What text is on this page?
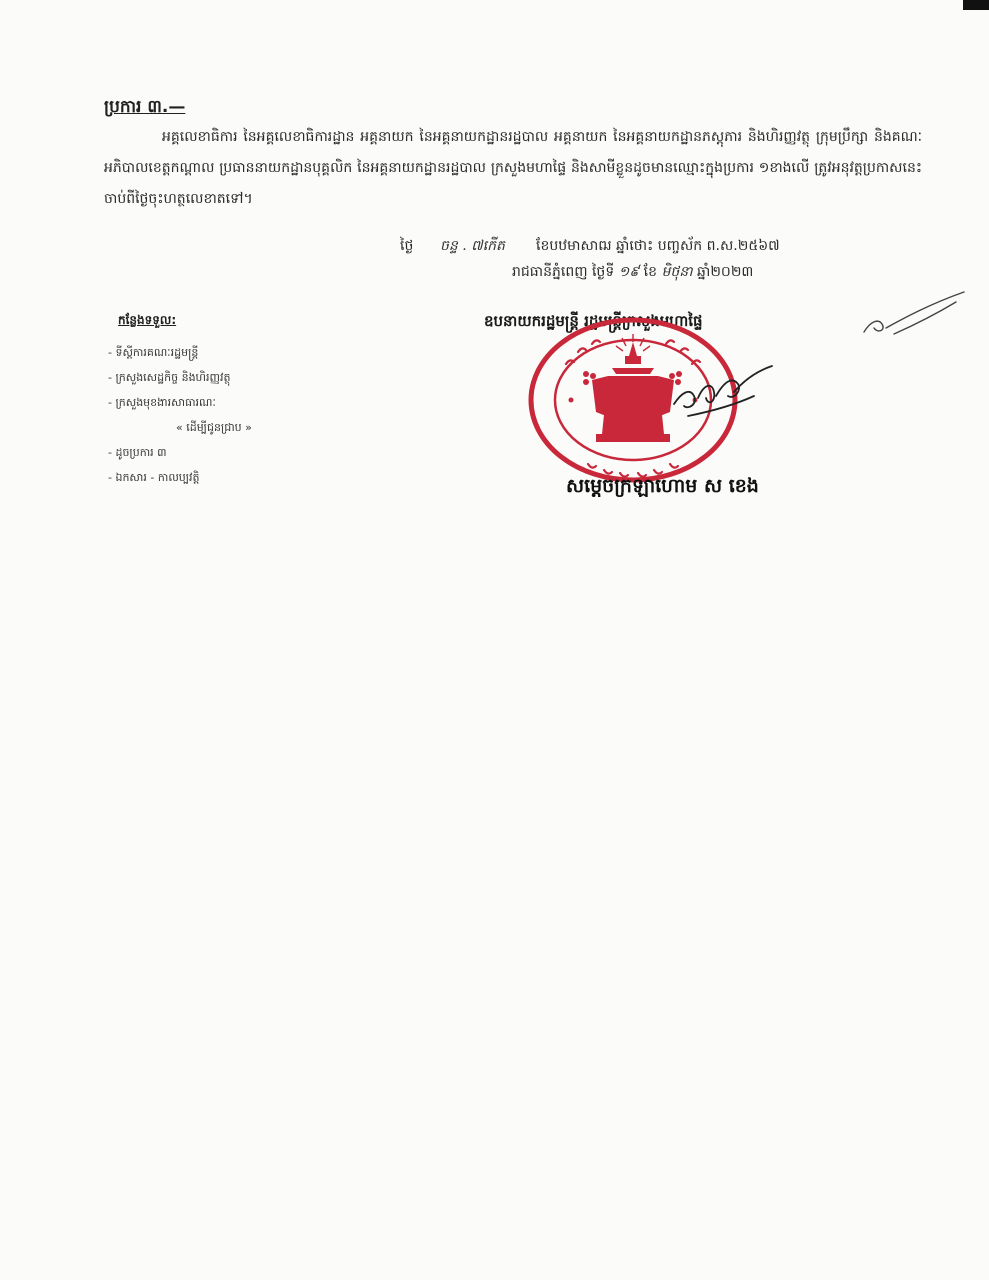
ប្រការ ៣.—
អគ្គលេខាធិការ នៃអគ្គលេខាធិការដ្ឋាន អគ្គនាយក នៃអគ្គនាយកដ្ឋានរដ្ឋបាល អគ្គនាយក នៃអគ្គនាយកដ្ឋានភស្តុភារ និងហិរញ្ញវត្ថុ ក្រុមប្រឹក្សា និងគណៈអភិបាលខេត្តកណ្ដាល ប្រធាននាយកដ្ឋានបុគ្គលិក នៃអគ្គនាយកដ្ឋានរដ្ឋបាល ក្រសួងមហាផ្ទៃ និងសាមីខ្លួនដូចមានឈ្មោះក្នុងប្រការ ១ខាងលើ ត្រូវអនុវត្តប្រកាសនេះចាប់ពីថ្ងៃចុះហត្ថលេខាតទៅ។
ថ្ងៃ ចន្ទ . ៧កើត ខែបឋមាសាឍ ឆ្នាំថោះ បញ្ចស័ក ព.ស.២៥៦៧
រាជធានីភ្នំពេញ ថ្ងៃទី ១៩ ខែ មិថុនា ឆ្នាំ២០២៣
ឧបនាយករដ្ឋមន្ត្រី រដ្ឋមន្ត្រីក្រសួងមហាផ្ទៃ
កន្លែងទទួល:
- ទីស្ដីការគណៈរដ្ឋមន្ត្រី
- ក្រសួងសេដ្ឋកិច្ច និងហិរញ្ញវត្ថុ
- ក្រសួងមុខងារសាធារណៈ
« ដើម្បីជូនជ្រាប »
- ដូចប្រការ ៣
- ឯកសារ - កាលប្បវត្តិ	សម្ដេចក្រឡាហោម ស ខេង
